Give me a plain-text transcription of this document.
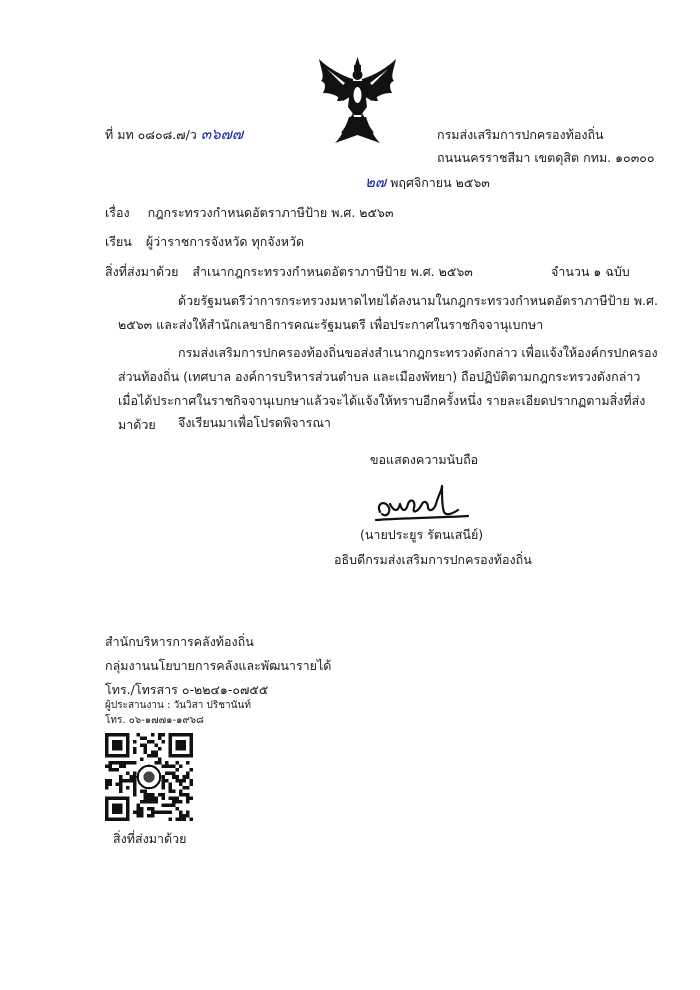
ที่ มท ๐๘๐๘.๗/ว ๓๖๗๗	กรมส่งเสริมการปกครองท้องถิ่น
ถนนนครราชสีมา เขตดุสิต กทม. ๑๐๓๐๐
๒๗ พฤศจิกายน ๒๕๖๓
เรื่อง กฎกระทรวงกำหนดอัตราภาษีป้าย พ.ศ. ๒๕๖๓
เรียน ผู้ว่าราชการจังหวัด ทุกจังหวัด
สิ่งที่ส่งมาด้วย สำเนากฎกระทรวงกำหนดอัตราภาษีป้าย พ.ศ. ๒๕๖๓	จำนวน ๑ ฉบับ
ด้วยรัฐมนตรีว่าการกระทรวงมหาดไทยได้ลงนามในกฎกระทรวงกำหนดอัตราภาษีป้าย พ.ศ. ๒๕๖๓ และส่งให้สำนักเลขาธิการคณะรัฐมนตรี เพื่อประกาศในราชกิจจานุเบกษา
กรมส่งเสริมการปกครองท้องถิ่นขอส่งสำเนากฎกระทรวงดังกล่าว เพื่อแจ้งให้องค์กรปกครองส่วนท้องถิ่น (เทศบาล องค์การบริหารส่วนตำบล และเมืองพัทยา) ถือปฏิบัติตามกฎกระทรวงดังกล่าว เมื่อได้ประกาศในราชกิจจานุเบกษาแล้วจะได้แจ้งให้ทราบอีกครั้งหนึ่ง รายละเอียดปรากฏตามสิ่งที่ส่งมาด้วย	จึงเรียนมาเพื่อโปรดพิจารณา
ขอแสดงความนับถือ
(นายประยูร รัตนเสนีย์)
อธิบดีกรมส่งเสริมการปกครองท้องถิ่น
สำนักบริหารการคลังท้องถิ่น
กลุ่มงานนโยบายการคลังและพัฒนารายได้
โทร./โทรสาร ๐-๒๒๔๑-๐๗๕๕
ผู้ประสานงาน : วันวิสา ปริชานันท์
โทร. ๐๖-๑๗๗๑-๑๙๖๘
สิ่งที่ส่งมาด้วย
